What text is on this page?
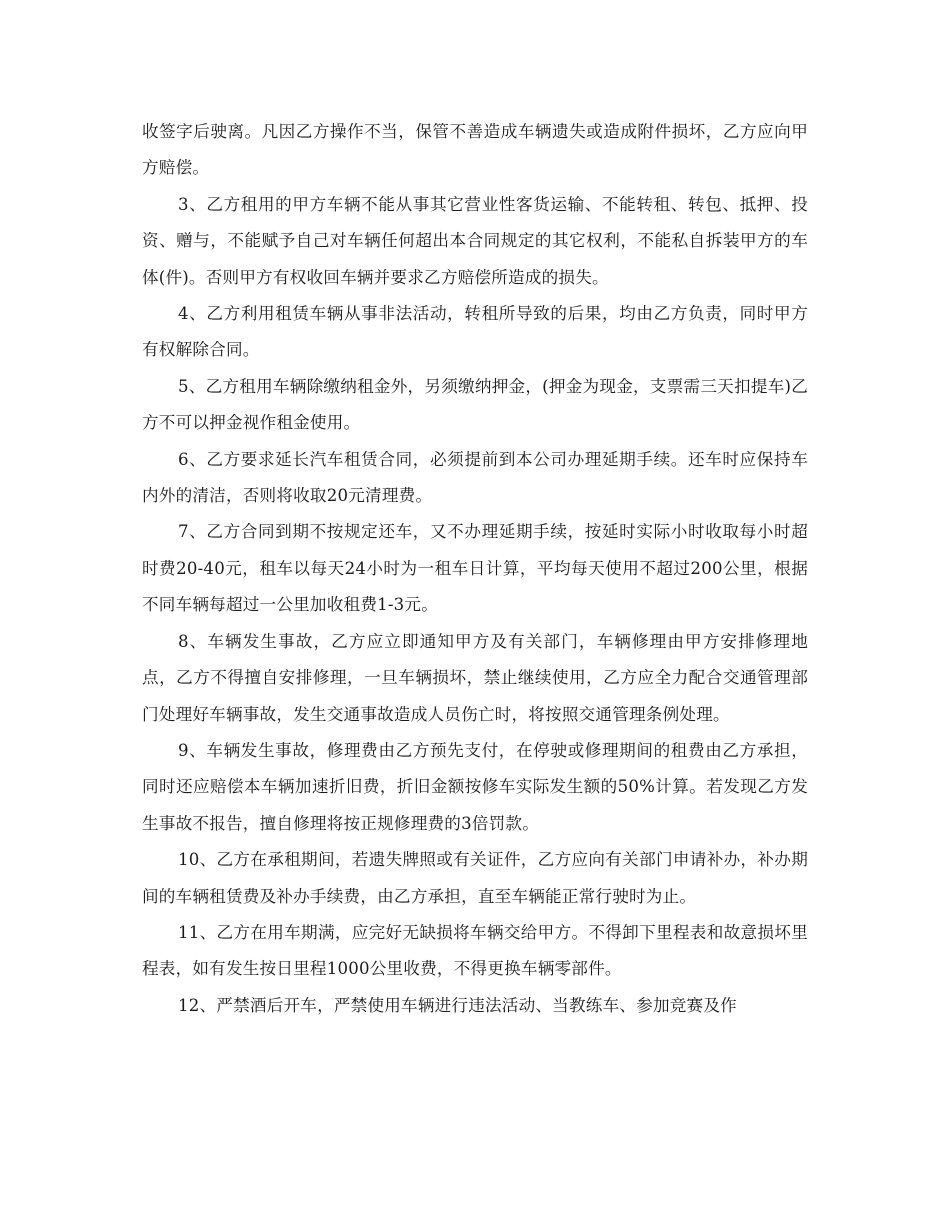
收签字后驶离。凡因乙方操作不当，保管不善造成车辆遗失或造成附件损坏，乙方应向甲方赔偿。

3、乙方租用的甲方车辆不能从事其它营业性客货运输、不能转租、转包、抵押、投资、赠与，不能赋予自己对车辆任何超出本合同规定的其它权利，不能私自拆装甲方的车体(件)。否则甲方有权收回车辆并要求乙方赔偿所造成的损失。

4、乙方利用租赁车辆从事非法活动，转租所导致的后果，均由乙方负责，同时甲方有权解除合同。

5、乙方租用车辆除缴纳租金外，另须缴纳押金，(押金为现金，支票需三天扣提车)乙方不可以押金视作租金使用。

6、乙方要求延长汽车租赁合同，必须提前到本公司办理延期手续。还车时应保持车内外的清洁，否则将收取20元清理费。

7、乙方合同到期不按规定还车，又不办理延期手续，按延时实际小时收取每小时超时费20-40元，租车以每天24小时为一租车日计算，平均每天使用不超过200公里，根据不同车辆每超过一公里加收租费1-3元。

8、车辆发生事故，乙方应立即通知甲方及有关部门，车辆修理由甲方安排修理地点，乙方不得擅自安排修理，一旦车辆损坏，禁止继续使用，乙方应全力配合交通管理部门处理好车辆事故，发生交通事故造成人员伤亡时，将按照交通管理条例处理。

9、车辆发生事故，修理费由乙方预先支付，在停驶或修理期间的租费由乙方承担，同时还应赔偿本车辆加速折旧费，折旧金额按修车实际发生额的50%计算。若发现乙方发生事故不报告，擅自修理将按正规修理费的3倍罚款。

10、乙方在承租期间，若遗失牌照或有关证件，乙方应向有关部门申请补办，补办期间的车辆租赁费及补办手续费，由乙方承担，直至车辆能正常行驶时为止。

11、乙方在用车期满，应完好无缺损将车辆交给甲方。不得卸下里程表和故意损坏里程表，如有发生按日里程1000公里收费，不得更换车辆零部件。

12、严禁酒后开车，严禁使用车辆进行违法活动、当教练车、参加竞赛及作
